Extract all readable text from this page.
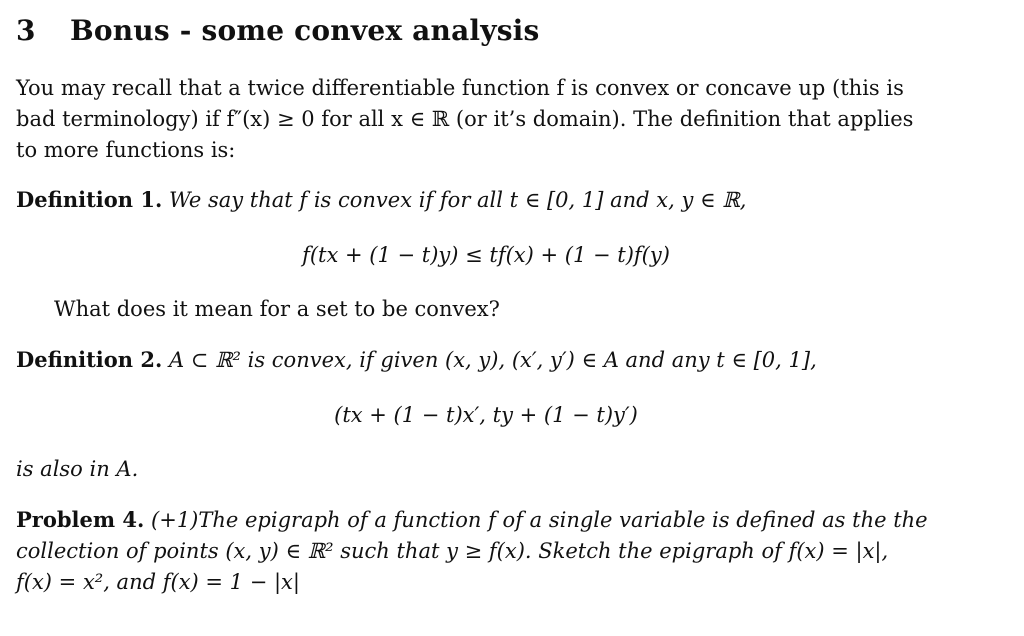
3 Bonus - some convex analysis
You may recall that a twice differentiable function f is convex or concave up (this is
bad terminology) if f″(x) ≥ 0 for all x ∈ ℝ (or it’s domain). The definition that applies
to more functions is:
Definition 1. We say that f is convex if for all t ∈ [0, 1] and x, y ∈ ℝ,
f(tx + (1 − t)y) ≤ tf(x) + (1 − t)f(y)
What does it mean for a set to be convex?
Definition 2. A ⊂ ℝ² is convex, if given (x, y), (x′, y′) ∈ A and any t ∈ [0, 1],
(tx + (1 − t)x′, ty + (1 − t)y′)
is also in A.
Problem 4. (+1)The epigraph of a function f of a single variable is defined as the the
collection of points (x, y) ∈ ℝ² such that y ≥ f(x). Sketch the epigraph of f(x) = |x|,
f(x) = x², and f(x) = 1 − |x|
